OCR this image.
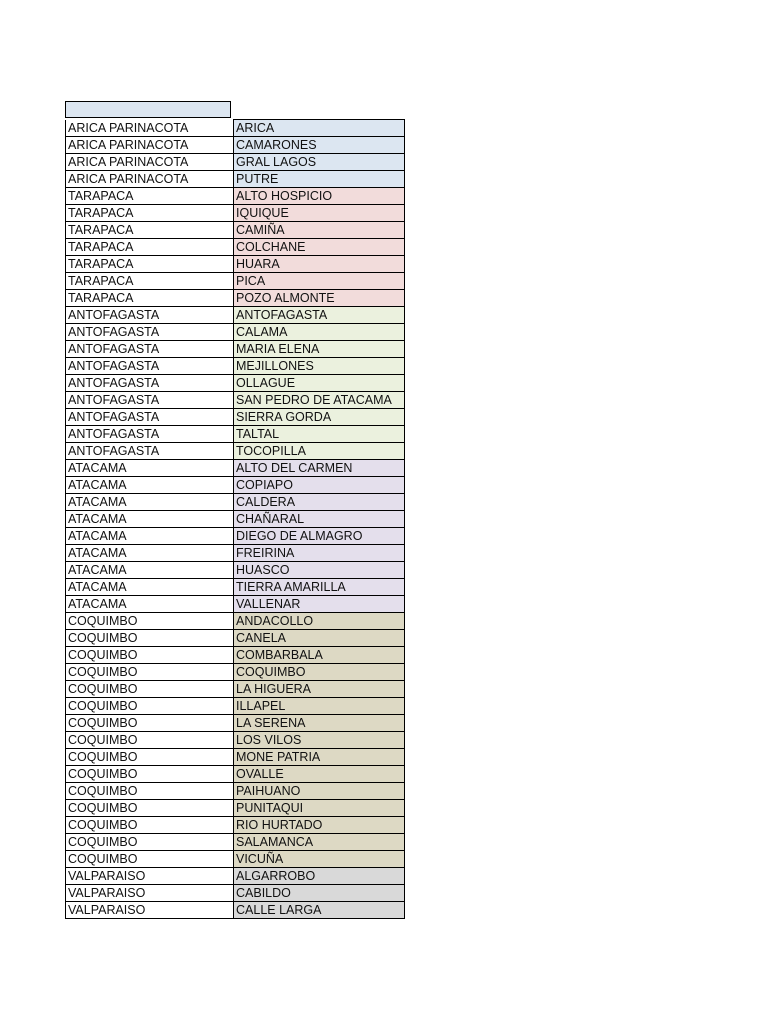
ARICA PARINACOTA	ARICA
ARICA PARINACOTA	CAMARONES
ARICA PARINACOTA	GRAL LAGOS
ARICA PARINACOTA	PUTRE
TARAPACA	ALTO HOSPICIO
TARAPACA	IQUIQUE
TARAPACA	CAMIÑA
TARAPACA	COLCHANE
TARAPACA	HUARA
TARAPACA	PICA
TARAPACA	POZO ALMONTE
ANTOFAGASTA	ANTOFAGASTA
ANTOFAGASTA	CALAMA
ANTOFAGASTA	MARIA ELENA
ANTOFAGASTA	MEJILLONES
ANTOFAGASTA	OLLAGUE
ANTOFAGASTA	SAN PEDRO DE ATACAMA
ANTOFAGASTA	SIERRA GORDA
ANTOFAGASTA	TALTAL
ANTOFAGASTA	TOCOPILLA
ATACAMA	ALTO DEL CARMEN
ATACAMA	COPIAPO
ATACAMA	CALDERA
ATACAMA	CHAÑARAL
ATACAMA	DIEGO DE ALMAGRO
ATACAMA	FREIRINA
ATACAMA	HUASCO
ATACAMA	TIERRA AMARILLA
ATACAMA	VALLENAR
COQUIMBO	ANDACOLLO
COQUIMBO	CANELA
COQUIMBO	COMBARBALA
COQUIMBO	COQUIMBO
COQUIMBO	LA HIGUERA
COQUIMBO	ILLAPEL
COQUIMBO	LA SERENA
COQUIMBO	LOS VILOS
COQUIMBO	MONE PATRIA
COQUIMBO	OVALLE
COQUIMBO	PAIHUANO
COQUIMBO	PUNITAQUI
COQUIMBO	RIO HURTADO
COQUIMBO	SALAMANCA
COQUIMBO	VICUÑA
VALPARAISO	ALGARROBO
VALPARAISO	CABILDO
VALPARAISO	CALLE LARGA
